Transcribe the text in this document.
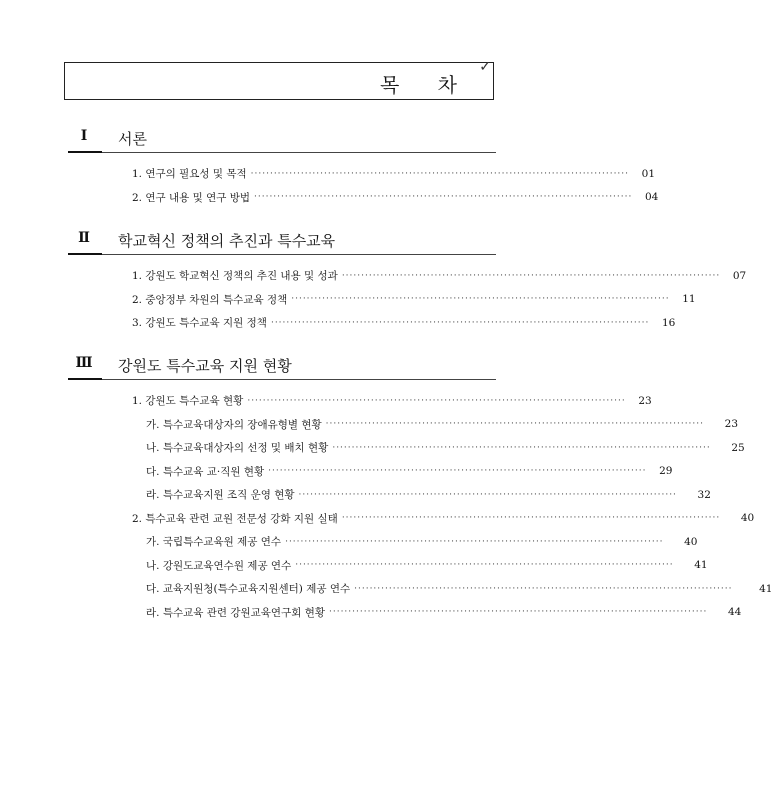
목 차
✓
Ⅰ	서론
1. 연구의 필요성 및 목적 ··································································································	01
2. 연구 내용 및 연구 방법 ··································································································	04
Ⅱ	학교혁신 정책의 추진과 특수교육
1. 강원도 학교혁신 정책의 추진 내용 및 성과 ··································································································	07
2. 중앙정부 차원의 특수교육 정책 ··································································································	11
3. 강원도 특수교육 지원 정책 ··································································································	16
Ⅲ	강원도 특수교육 지원 현황
1. 강원도 특수교육 현황 ··································································································	23
가. 특수교육대상자의 장애유형별 현황 ··································································································	23
나. 특수교육대상자의 선정 및 배치 현황 ··································································································	25
다. 특수교육 교·직원 현황 ··································································································	29
라. 특수교육지원 조직 운영 현황 ··································································································	32
2. 특수교육 관련 교원 전문성 강화 지원 실태 ··································································································	40
가. 국립특수교육원 제공 연수 ··································································································	40
나. 강원도교육연수원 제공 연수 ··································································································	41
다. 교육지원청(특수교육지원센터) 제공 연수 ··································································································	41
라. 특수교육 관련 강원교육연구회 현황 ··································································································	44
